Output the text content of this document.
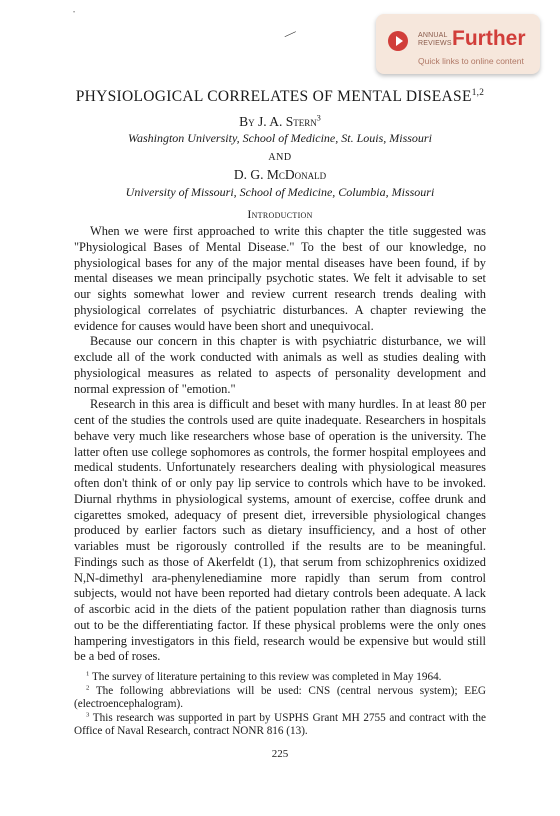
•
—	ANNUAL REVIEWS Further
Quick links to online content
PHYSIOLOGICAL CORRELATES OF MENTAL DISEASE$^{1,2}$
By J. A. Stern$^3$
Washington University, School of Medicine, St. Louis, Missouri
AND
D. G. McDonald
University of Missouri, School of Medicine, Columbia, Missouri
Introduction

When we were first approached to write this chapter the title suggested was "Physiological Bases of Mental Disease." To the best of our knowledge, no physiological bases for any of the major mental diseases have been found, if by mental diseases we mean principally psychotic states. We felt it advisable to set our sights somewhat lower and review current research trends dealing with physiological correlates of psychiatric disturbances. A chapter reviewing the evidence for causes would have been short and unequivocal.

Because our concern in this chapter is with psychiatric disturbance, we will exclude all of the work conducted with animals as well as studies dealing with physiological measures as related to aspects of personality development and normal expression of "emotion."

Research in this area is difficult and beset with many hurdles. In at least 80 per cent of the studies the controls used are quite inadequate. Researchers in hospitals behave very much like researchers whose base of operation is the university. The latter often use college sophomores as controls, the former hospital employees and medical students. Unfortunately researchers dealing with physiological measures often don't think of or only pay lip service to controls which have to be invoked. Diurnal rhythms in physiological systems, amount of exercise, coffee drunk and cigarettes smoked, adequacy of present diet, irreversible physiological changes produced by earlier factors such as dietary insufficiency, and a host of other variables must be rigorously controlled if the results are to be meaningful. Findings such as those of Akerfeldt (1), that serum from schizophrenics oxidized N,N-dimethyl ara-phenylenediamine more rapidly than serum from control subjects, would not have been reported had dietary controls been adequate. A lack of ascorbic acid in the diets of the patient population rather than diagnosis turns out to be the differentiating factor. If these physical problems were the only ones hampering investigators in this field, research would be expensive but would still be a bed of roses.

$^1$ The survey of literature pertaining to this review was completed in May 1964.

$^2$ The following abbreviations will be used: CNS (central nervous system); EEG (electroencephalogram).

$^3$ This research was supported in part by USPHS Grant MH 2755 and contract with the Office of Naval Research, contract NONR 816 (13).

225
